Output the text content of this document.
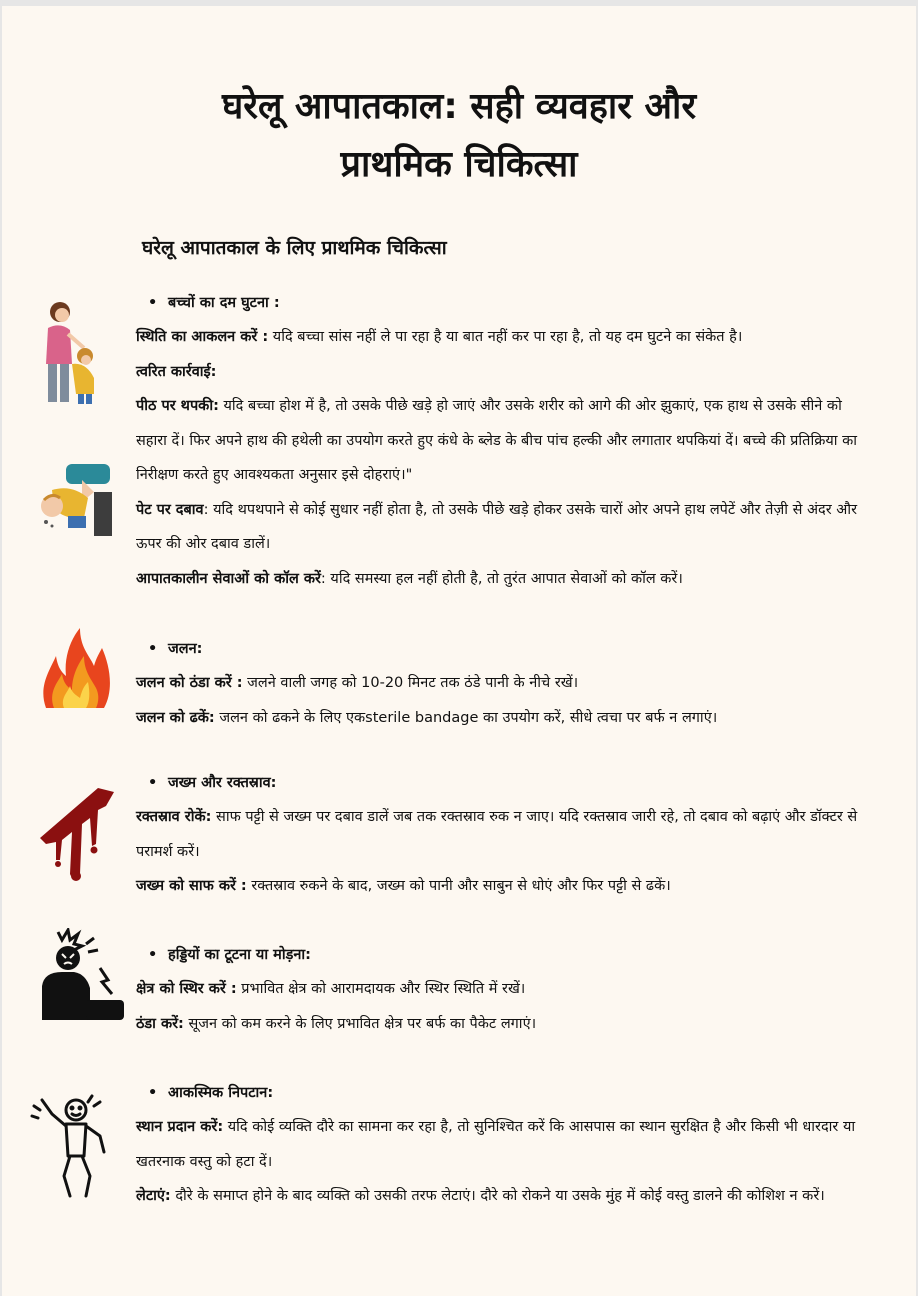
घरेलू आपातकाल: सही व्यवहार और
प्राथमिक चिकित्सा
घरेलू आपातकाल के लिए प्राथमिक चिकित्सा
• बच्चों का दम घुटना :

स्थिति का आकलन करें : यदि बच्चा सांस नहीं ले पा रहा है या बात नहीं कर पा रहा है, तो यह दम घुटने का संकेत है।

त्वरित कार्रवाई:

पीठ पर थपकी: यदि बच्चा होश में है, तो उसके पीछे खड़े हो जाएं और उसके शरीर को आगे की ओर झुकाएं, एक हाथ से उसके सीने को सहारा दें। फिर अपने हाथ की हथेली का उपयोग करते हुए कंधे के ब्लेड के बीच पांच हल्की और लगातार थपकियां दें। बच्चे की प्रतिक्रिया का निरीक्षण करते हुए आवश्यकता अनुसार इसे दोहराएं।"

पेट पर दबाव: यदि थपथपाने से कोई सुधार नहीं होता है, तो उसके पीछे खड़े होकर उसके चारों ओर अपने हाथ लपेटें और तेज़ी से अंदर और ऊपर की ओर दबाव डालें।

आपातकालीन सेवाओं को कॉल करें: यदि समस्या हल नहीं होती है, तो तुरंत आपात सेवाओं को कॉल करें।

• जलन:

जलन को ठंडा करें : जलने वाली जगह को 10-20 मिनट तक ठंडे पानी के नीचे रखें।

जलन को ढकें: जलन को ढकने के लिए एकsterile bandage का उपयोग करें, सीधे त्वचा पर बर्फ न लगाएं।

• जख्म और रक्तस्राव:

रक्तस्राव रोकें: साफ पट्टी से जख्म पर दबाव डालें जब तक रक्तस्राव रुक न जाए। यदि रक्तस्राव जारी रहे, तो दबाव को बढ़ाएं और डॉक्टर से परामर्श करें।

जख्म को साफ करें : रक्तस्राव रुकने के बाद, जख्म को पानी और साबुन से धोएं और फिर पट्टी से ढकें।

• हड्डियों का टूटना या मोड़ना:

क्षेत्र को स्थिर करें : प्रभावित क्षेत्र को आरामदायक और स्थिर स्थिति में रखें।

ठंडा करें: सूजन को कम करने के लिए प्रभावित क्षेत्र पर बर्फ का पैकेट लगाएं।

• आकस्मिक निपटान:

स्थान प्रदान करें: यदि कोई व्यक्ति दौरे का सामना कर रहा है, तो सुनिश्चित करें कि आसपास का स्थान सुरक्षित है और किसी भी धारदार या खतरनाक वस्तु को हटा दें।

लेटाएं: दौरे के समाप्त होने के बाद व्यक्ति को उसकी तरफ लेटाएं। दौरे को रोकने या उसके मुंह में कोई वस्तु डालने की कोशिश न करें।
